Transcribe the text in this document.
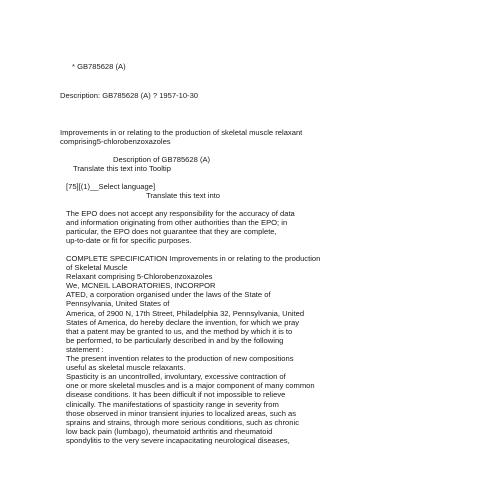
* GB785628 (A)
Description: GB785628 (A) ? 1957-10-30
Improvements in or relating to the production of skeletal muscle relaxant
comprising5-chlorobenzoxazoles
Description of GB785628 (A)
Translate this text into Tooltip
[75][(1)__Select language]
Translate this text into
The EPO does not accept any responsibility for the accuracy of data
and information originating from other authorities than the EPO; in
particular, the EPO does not guarantee that they are complete,
up-to-date or fit for specific purposes.
COMPLETE SPECIFICATION Improvements in or relating to the production
of Skeletal Muscle
Relaxant comprising 5-Chlorobenzoxazoles
We, MCNEIL LABORATORIES, INCORPOR
ATED, a corporation organised under the laws of the State of
Pennsylvania, United States of
America, of 2900 N, 17th Street, Philadelphia 32, Pennsylvania, United
States of America, do hereby declare the invention, for which we pray
that a patent may be granted to us, and the method by which it is to
be performed, to be particularly described in and by the following
statement :
The present invention relates to the production of new compositions
useful as skeletal muscle relaxants.
Spasticity is an uncontrolled, involuntary, excessive contraction of
one or more skeletal muscles and is a major component of many common
disease conditions. It has been difficult if not impossible to relieve
clinically. The manifestations of spasticity range in severity from
those observed in minor transient injuries to localized areas, such as
sprains and strains, through more serious conditions, such as chronic
low back pain (lumbago), rheumatoid arthritis and rheumatoid
spondylitis to the very severe incapacitating neurological diseases,
